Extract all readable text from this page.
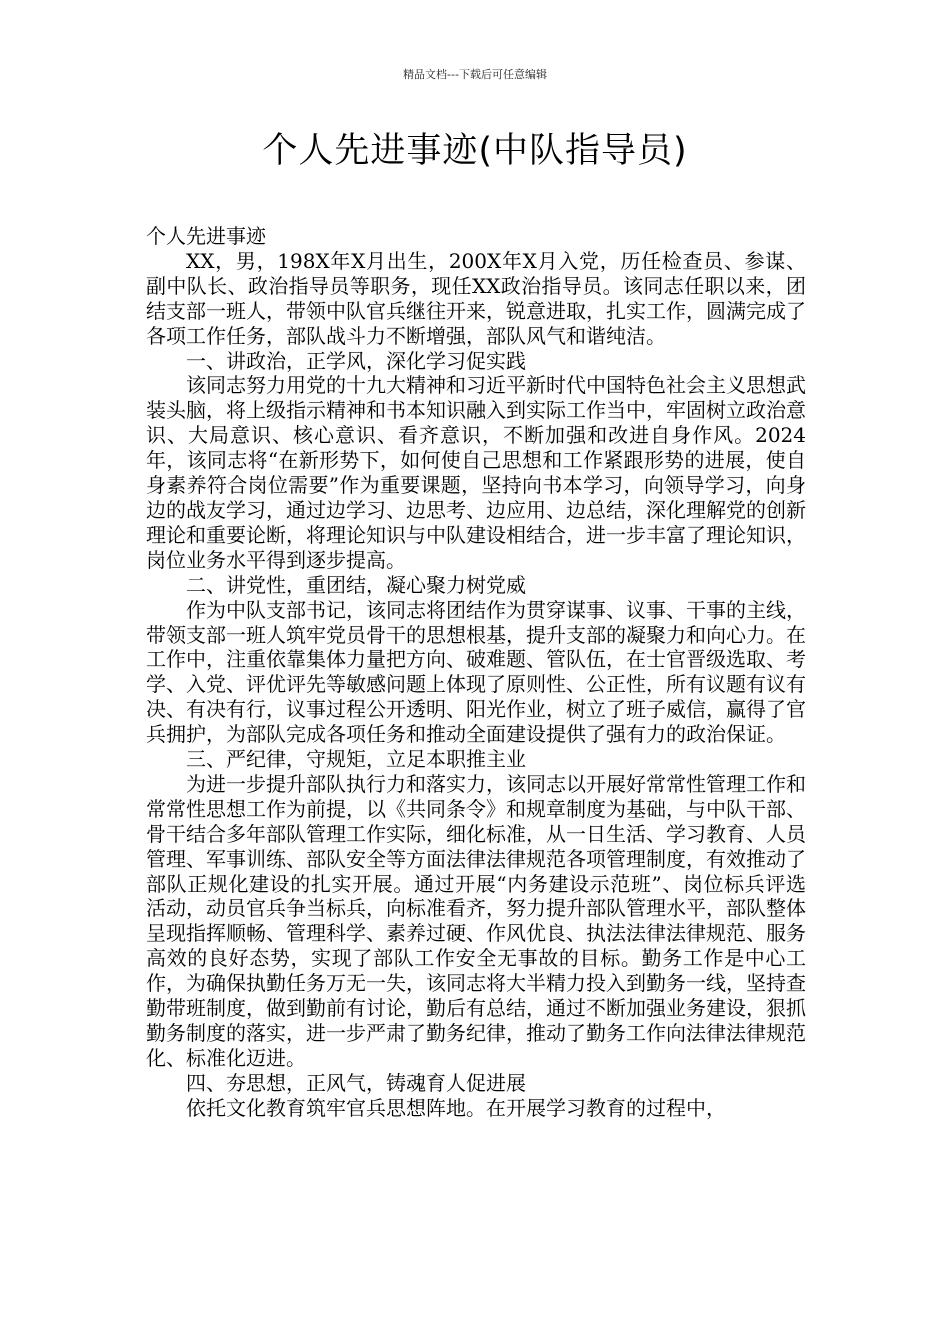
精品文档---下载后可任意编辑
个人先进事迹(中队指导员)

个人先进事迹

XX，男，198X年X月出生，200X年X月入党，历任检查员、参谋、副中队长、政治指导员等职务，现任XX政治指导员。该同志任职以来，团结支部一班人，带领中队官兵继往开来，锐意进取，扎实工作，圆满完成了各项工作任务，部队战斗力不断增强，部队风气和谐纯洁。

一、讲政治，正学风，深化学习促实践

该同志努力用党的十九大精神和习近平新时代中国特色社会主义思想武装头脑，将上级指示精神和书本知识融入到实际工作当中，牢固树立政治意识、大局意识、核心意识、看齐意识，不断加强和改进自身作风。2024年，该同志将“在新形势下，如何使自己思想和工作紧跟形势的进展，使自身素养符合岗位需要”作为重要课题，坚持向书本学习，向领导学习，向身边的战友学习，通过边学习、边思考、边应用、边总结，深化理解党的创新理论和重要论断，将理论知识与中队建设相结合，进一步丰富了理论知识，岗位业务水平得到逐步提高。

二、讲党性，重团结，凝心聚力树党威

作为中队支部书记，该同志将团结作为贯穿谋事、议事、干事的主线，带领支部一班人筑牢党员骨干的思想根基，提升支部的凝聚力和向心力。在工作中，注重依靠集体力量把方向、破难题、管队伍，在士官晋级选取、考学、入党、评优评先等敏感问题上体现了原则性、公正性，所有议题有议有决、有决有行，议事过程公开透明、阳光作业，树立了班子威信，赢得了官兵拥护，为部队完成各项任务和推动全面建设提供了强有力的政治保证。

三、严纪律，守规矩，立足本职推主业

为进一步提升部队执行力和落实力，该同志以开展好常常性管理工作和常常性思想工作为前提，以《共同条令》和规章制度为基础，与中队干部、骨干结合多年部队管理工作实际，细化标准，从一日生活、学习教育、人员管理、军事训练、部队安全等方面法律法律规范各项管理制度，有效推动了部队正规化建设的扎实开展。通过开展“内务建设示范班”、岗位标兵评选活动，动员官兵争当标兵，向标准看齐，努力提升部队管理水平，部队整体呈现指挥顺畅、管理科学、素养过硬、作风优良、执法法律法律规范、服务高效的良好态势，实现了部队工作安全无事故的目标。勤务工作是中心工作，为确保执勤任务万无一失，该同志将大半精力投入到勤务一线，坚持查勤带班制度，做到勤前有讨论，勤后有总结，通过不断加强业务建设，狠抓勤务制度的落实，进一步严肃了勤务纪律，推动了勤务工作向法律法律规范化、标准化迈进。

四、夯思想，正风气，铸魂育人促进展

依托文化教育筑牢官兵思想阵地。在开展学习教育的过程中，
